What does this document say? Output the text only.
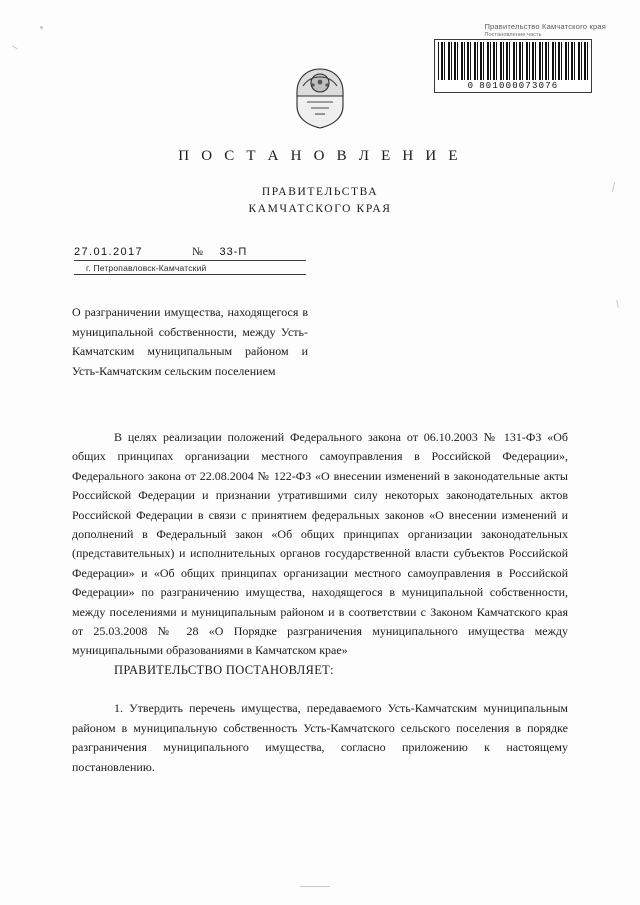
Правительство Камчатского края
Постановление часть
0 801000073076
П О С Т А Н О В Л Е Н И Е
ПРАВИТЕЛЬСТВА
КАМЧАТСКОГО КРАЯ
27.01.2017	№ 33-П
г. Петропавловск-Камчатский
О разграничении имущества, находящегося в муниципальной собственности, между Усть-Камчатским муниципальным районом и Усть-Камчатским сельским поселением

В целях реализации положений Федерального закона от 06.10.2003 № 131-ФЗ «Об общих принципах организации местного самоуправления в Российской Федерации», Федерального закона от 22.08.2004 № 122-ФЗ «О внесении изменений в законодательные акты Российской Федерации и признании утратившими силу некоторых законодательных актов Российской Федерации в связи с принятием федеральных законов «О внесении изменений и дополнений в Федеральный закон «Об общих принципах организации законодательных (представительных) и исполнительных органов государственной власти субъектов Российской Федерации» и «Об общих принципах организации местного самоуправления в Российской Федерации» по разграничению имущества, находящегося в муниципальной собственности, между поселениями и муниципальным районом и в соответствии с Законом Камчатского края от 25.03.2008 № 28 «О Порядке разграничения муниципального имущества между муниципальными образованиями в Камчатском крае»

ПРАВИТЕЛЬСТВО ПОСТАНОВЛЯЕТ:

1. Утвердить перечень имущества, передаваемого Усть-Камчатским муниципальным районом в муниципальную собственность Усть-Камчатского сельского поселения в порядке разграничения муниципального имущества, согласно приложению к настоящему постановлению.
